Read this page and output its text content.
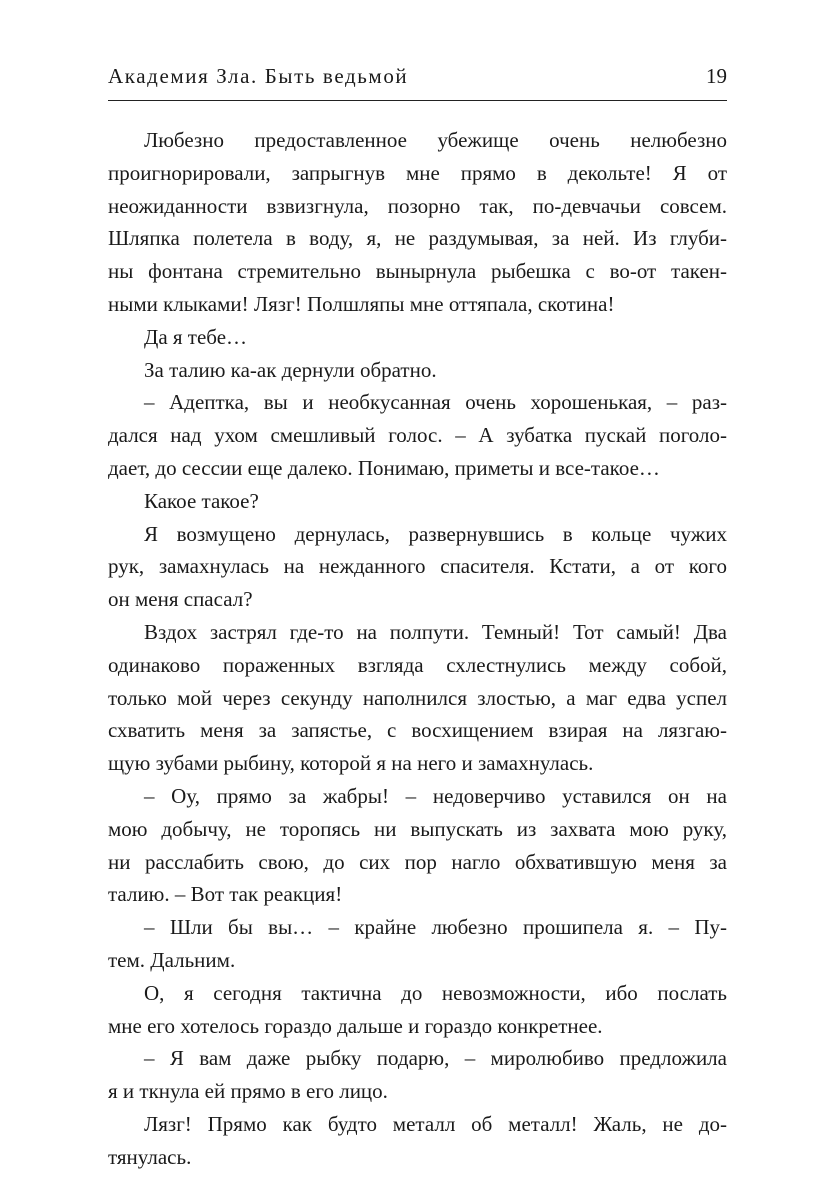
Академия Зла. Быть ведьмой	19
Любезно предоставленное убежище очень нелюбезно
проигнорировали, запрыгнув мне прямо в декольте! Я от
неожиданности взвизгнула, позорно так, по-девчачьи совсем.
Шляпка полетела в воду, я, не раздумывая, за ней. Из глуби-
ны фонтана стремительно вынырнула рыбешка с во-от такен-
ными клыками! Лязг! Полшляпы мне оттяпала, скотина!
Да я тебе…
За талию ка-ак дернули обратно.
– Адептка, вы и необкусанная очень хорошенькая, – раз-
дался над ухом смешливый голос. – А зубатка пускай поголо-
дает, до сессии еще далеко. Понимаю, приметы и все-такое…
Какое такое?
Я возмущено дернулась, развернувшись в кольце чужих
рук, замахнулась на нежданного спасителя. Кстати, а от кого
он меня спасал?
Вздох застрял где-то на полпути. Темный! Тот самый! Два
одинаково пораженных взгляда схлестнулись между собой,
только мой через секунду наполнился злостью, а маг едва успел
схватить меня за запястье, с восхищением взирая на лязгаю-
щую зубами рыбину, которой я на него и замахнулась.
– Оу, прямо за жабры! – недоверчиво уставился он на
мою добычу, не торопясь ни выпускать из захвата мою руку,
ни расслабить свою, до сих пор нагло обхватившую меня за
талию. – Вот так реакция!
– Шли бы вы… – крайне любезно прошипела я. – Пу-
тем. Дальним.
О, я сегодня тактична до невозможности, ибо послать
мне его хотелось гораздо дальше и гораздо конкретнее.
– Я вам даже рыбку подарю, – миролюбиво предложила
я и ткнула ей прямо в его лицо.
Лязг! Прямо как будто металл об металл! Жаль, не до-
тянулась.
